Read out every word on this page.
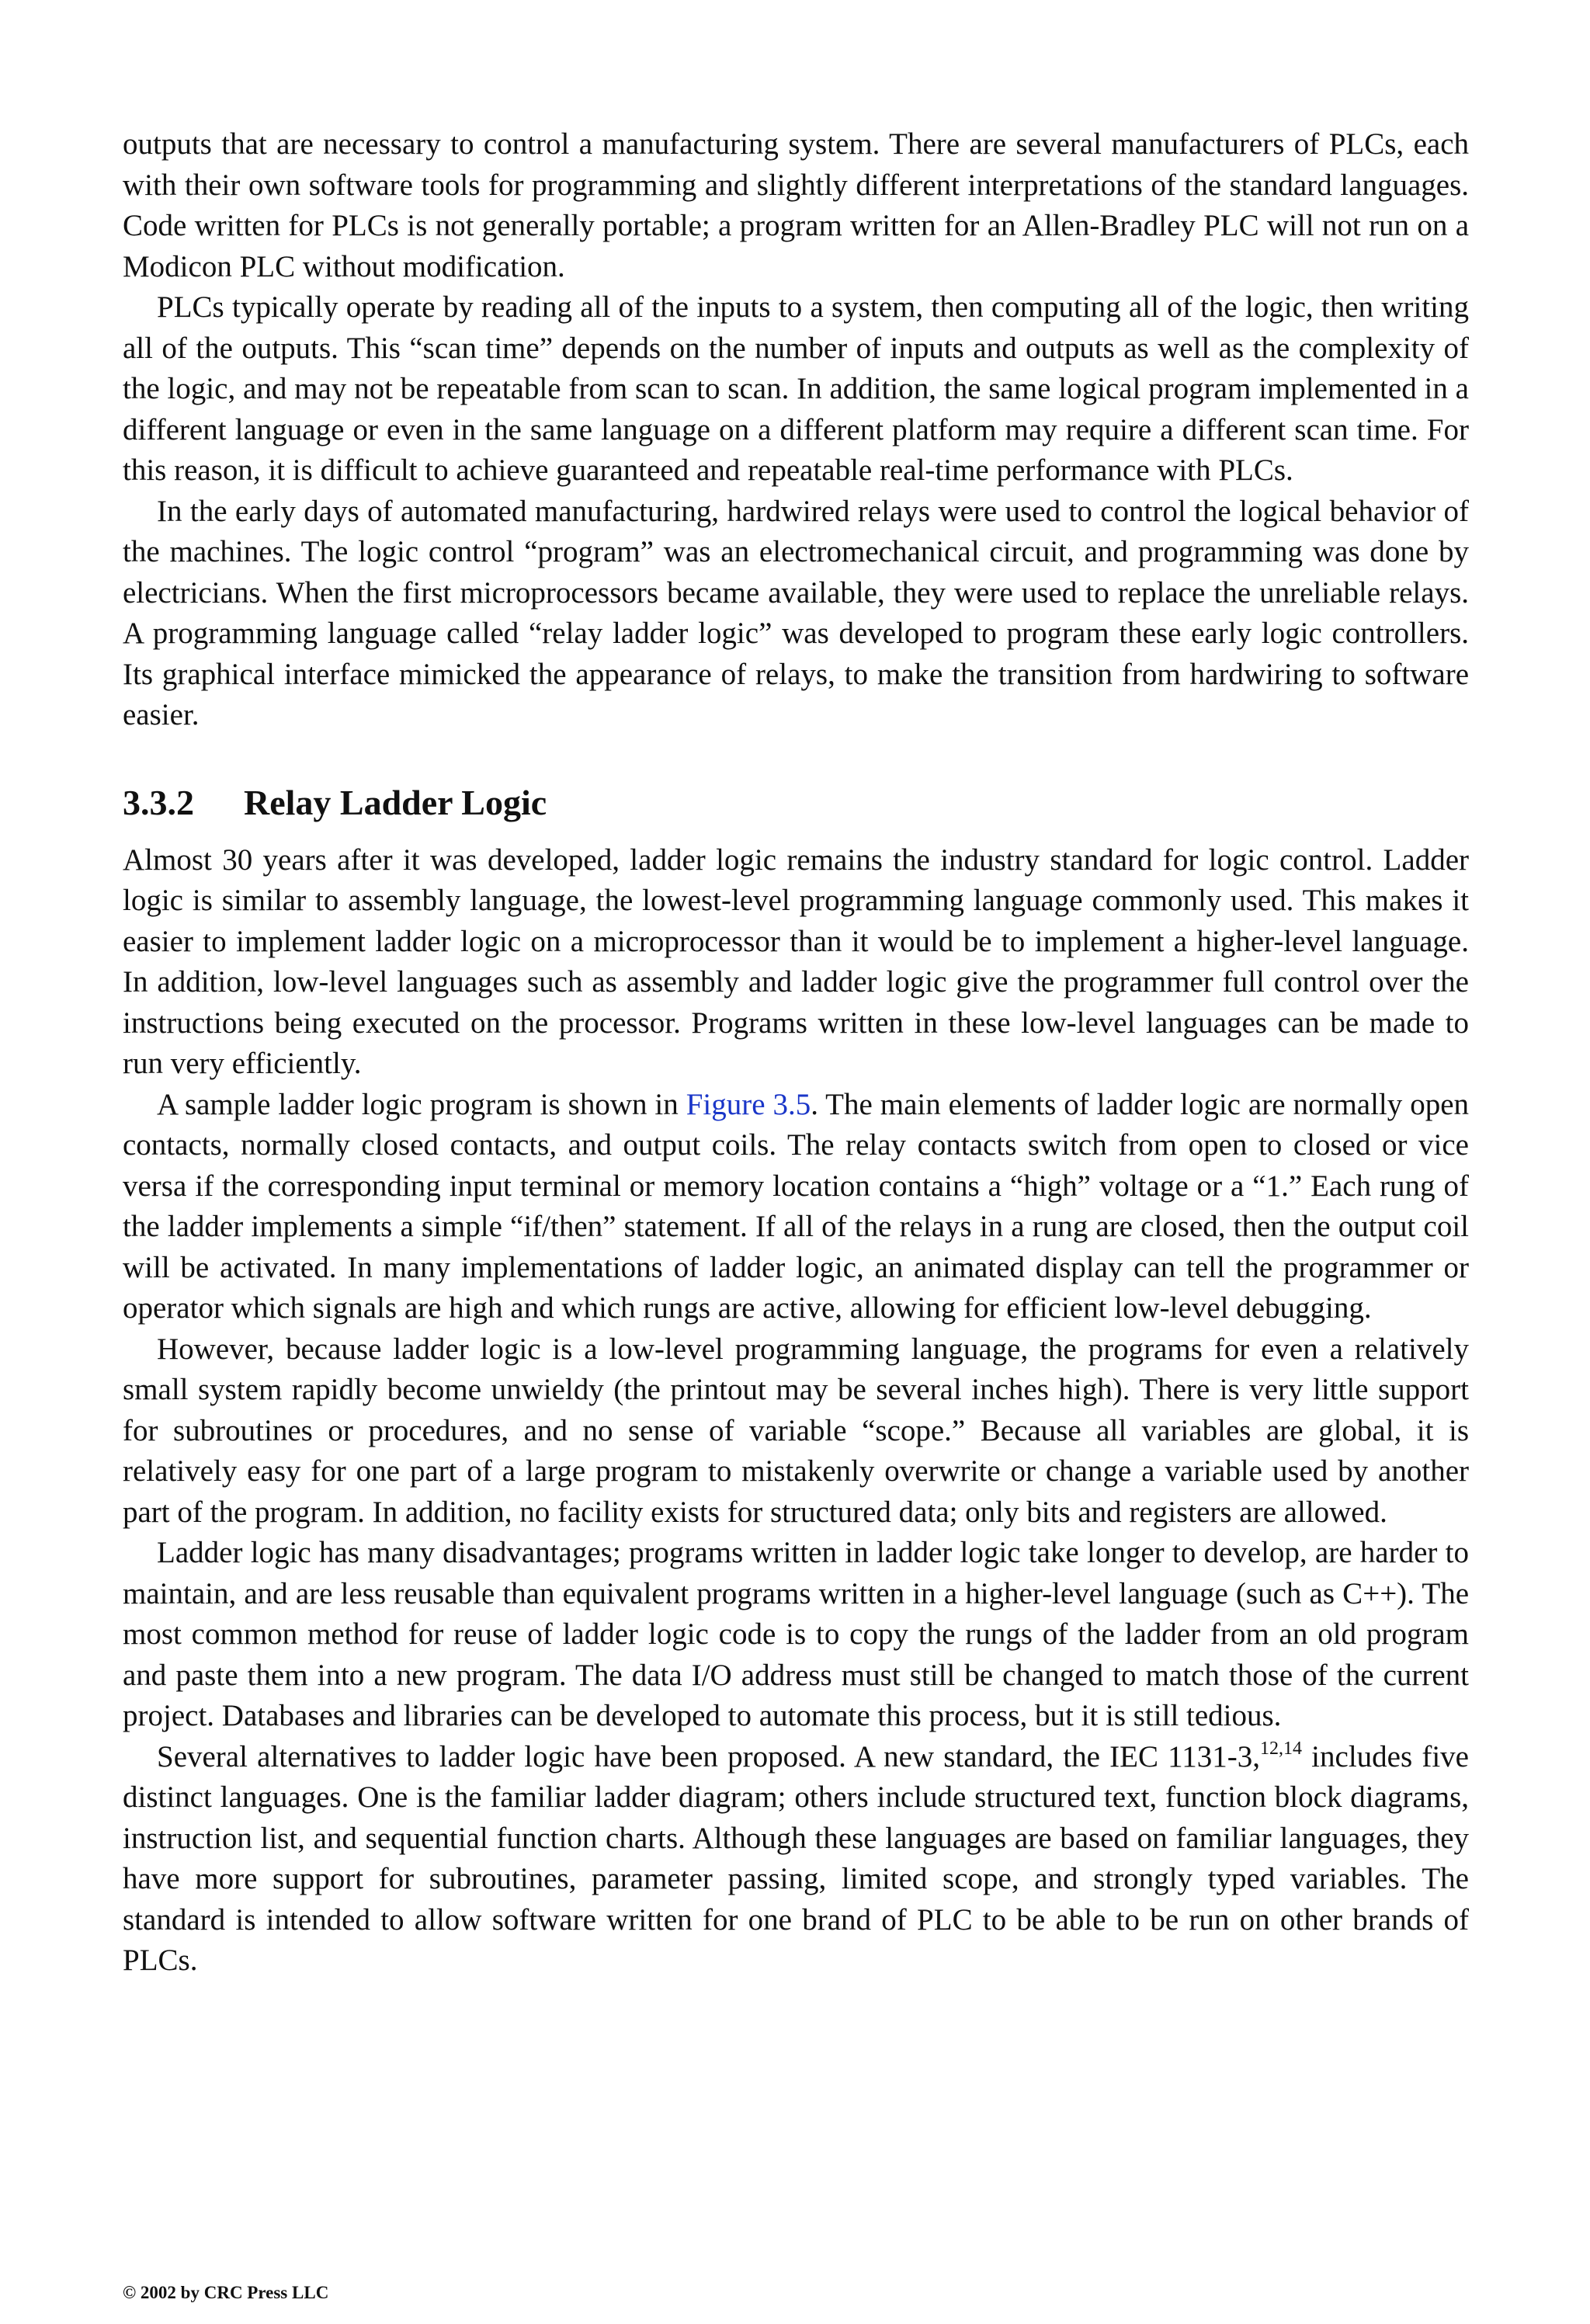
outputs that are necessary to control a manufacturing system. There are several manufacturers of PLCs, each with their own software tools for programming and slightly different interpretations of the standard languages. Code written for PLCs is not generally portable; a program written for an Allen-Bradley PLC will not run on a Modicon PLC without modification.

PLCs typically operate by reading all of the inputs to a system, then computing all of the logic, then writing all of the outputs. This “scan time” depends on the number of inputs and outputs as well as the complexity of the logic, and may not be repeatable from scan to scan. In addition, the same logical program implemented in a different language or even in the same language on a different platform may require a different scan time. For this reason, it is difficult to achieve guaranteed and repeatable real-time performance with PLCs.

In the early days of automated manufacturing, hardwired relays were used to control the logical behavior of the machines. The logic control “program” was an electromechanical circuit, and programming was done by electricians. When the first microprocessors became available, they were used to replace the unreliable relays. A programming language called “relay ladder logic” was developed to program these early logic controllers. Its graphical interface mimicked the appearance of relays, to make the transition from hardwiring to software easier.

3.3.2 Relay Ladder Logic

Almost 30 years after it was developed, ladder logic remains the industry standard for logic control. Ladder logic is similar to assembly language, the lowest-level programming language commonly used. This makes it easier to implement ladder logic on a microprocessor than it would be to implement a higher-level language. In addition, low-level languages such as assembly and ladder logic give the programmer full control over the instructions being executed on the processor. Programs written in these low-level languages can be made to run very efficiently.

A sample ladder logic program is shown in Figure 3.5. The main elements of ladder logic are normally open contacts, normally closed contacts, and output coils. The relay contacts switch from open to closed or vice versa if the corresponding input terminal or memory location contains a “high” voltage or a “1.” Each rung of the ladder implements a simple “if/then” statement. If all of the relays in a rung are closed, then the output coil will be activated. In many implementations of ladder logic, an animated display can tell the programmer or operator which signals are high and which rungs are active, allowing for efficient low-level debugging.

However, because ladder logic is a low-level programming language, the programs for even a relatively small system rapidly become unwieldy (the printout may be several inches high). There is very little support for subroutines or procedures, and no sense of variable “scope.” Because all variables are global, it is relatively easy for one part of a large program to mistakenly overwrite or change a variable used by another part of the program. In addition, no facility exists for structured data; only bits and registers are allowed.

Ladder logic has many disadvantages; programs written in ladder logic take longer to develop, are harder to maintain, and are less reusable than equivalent programs written in a higher-level language (such as C++). The most common method for reuse of ladder logic code is to copy the rungs of the ladder from an old program and paste them into a new program. The data I/O address must still be changed to match those of the current project. Databases and libraries can be developed to automate this process, but it is still tedious.

Several alternatives to ladder logic have been proposed. A new standard, the IEC 1131-3,$^{12,14}$ includes five distinct languages. One is the familiar ladder diagram; others include structured text, function block diagrams, instruction list, and sequential function charts. Although these languages are based on familiar languages, they have more support for subroutines, parameter passing, limited scope, and strongly typed variables. The standard is intended to allow software written for one brand of PLC to be able to be run on other brands of PLCs.

© 2002 by CRC Press LLC
